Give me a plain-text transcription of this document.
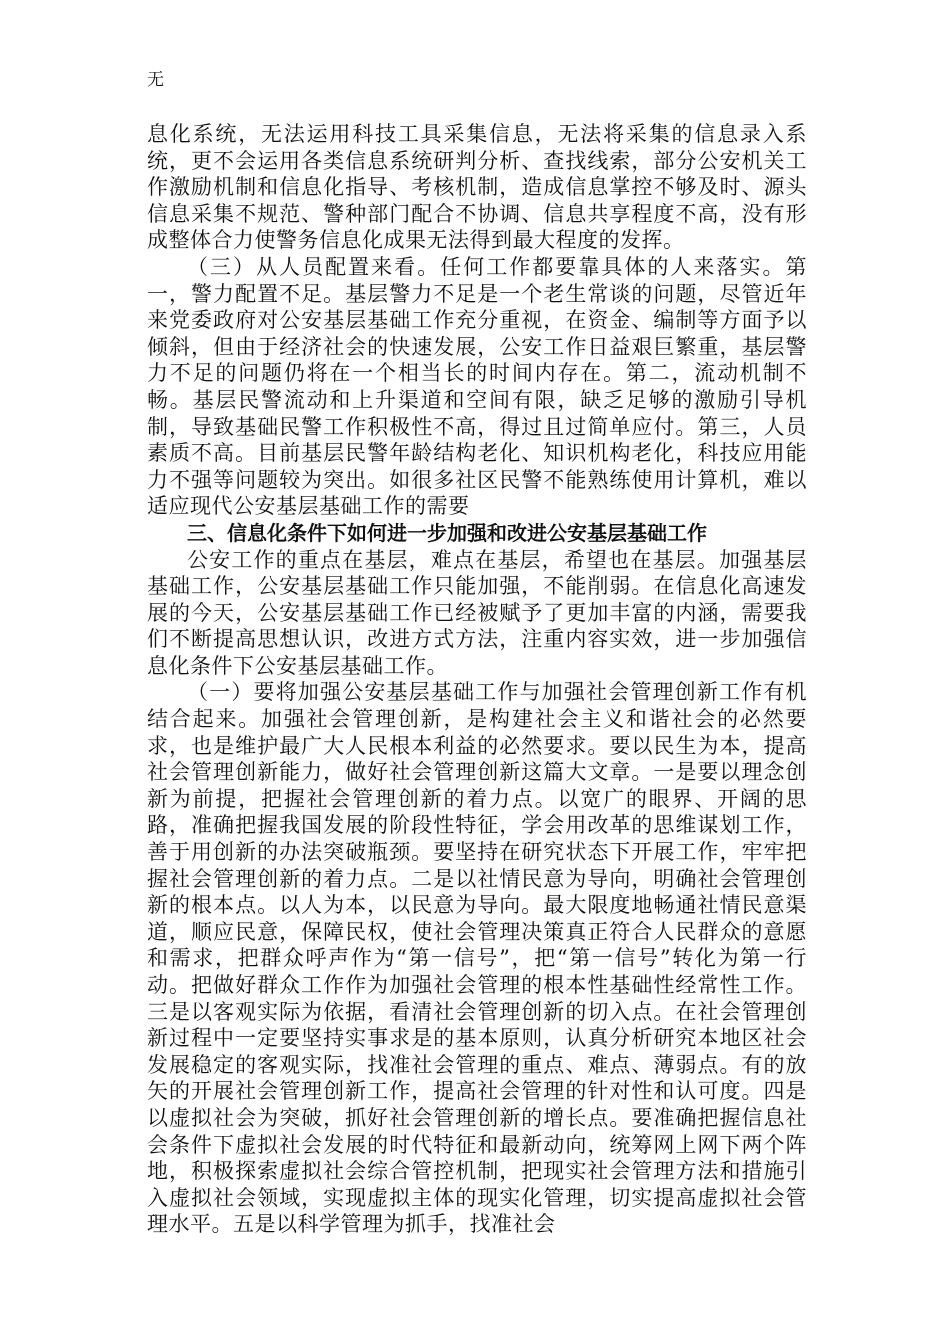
无

息化系统，无法运用科技工具采集信息，无法将采集的信息录入系统，更不会运用各类信息系统研判分析、查找线索，部分公安机关工作激励机制和信息化指导、考核机制，造成信息掌控不够及时、源头信息采集不规范、警种部门配合不协调、信息共享程度不高，没有形成整体合力使警务信息化成果无法得到最大程度的发挥。

（三）从人员配置来看。任何工作都要靠具体的人来落实。第一，警力配置不足。基层警力不足是一个老生常谈的问题，尽管近年来党委政府对公安基层基础工作充分重视，在资金、编制等方面予以倾斜，但由于经济社会的快速发展，公安工作日益艰巨繁重，基层警力不足的问题仍将在一个相当长的时间内存在。第二，流动机制不畅。基层民警流动和上升渠道和空间有限，缺乏足够的激励引导机制，导致基础民警工作积极性不高，得过且过简单应付。第三，人员素质不高。目前基层民警年龄结构老化、知识机构老化，科技应用能力不强等问题较为突出。如很多社区民警不能熟练使用计算机，难以适应现代公安基层基础工作的需要

三、信息化条件下如何进一步加强和改进公安基层基础工作

公安工作的重点在基层，难点在基层，希望也在基层。加强基层基础工作，公安基层基础工作只能加强，不能削弱。在信息化高速发展的今天，公安基层基础工作已经被赋予了更加丰富的内涵，需要我们不断提高思想认识，改进方式方法，注重内容实效，进一步加强信息化条件下公安基层基础工作。

（一）要将加强公安基层基础工作与加强社会管理创新工作有机结合起来。加强社会管理创新，是构建社会主义和谐社会的必然要求，也是维护最广大人民根本利益的必然要求。要以民生为本，提高社会管理创新能力，做好社会管理创新这篇大文章。一是要以理念创新为前提，把握社会管理创新的着力点。以宽广的眼界、开阔的思路，准确把握我国发展的阶段性特征，学会用改革的思维谋划工作，善于用创新的办法突破瓶颈。要坚持在研究状态下开展工作，牢牢把握社会管理创新的着力点。二是以社情民意为导向，明确社会管理创新的根本点。以人为本，以民意为导向。最大限度地畅通社情民意渠道，顺应民意，保障民权，使社会管理决策真正符合人民群众的意愿和需求，把群众呼声作为“第一信号”，把“第一信号”转化为第一行动。把做好群众工作作为加强社会管理的根本性基础性经常性工作。三是以客观实际为依据，看清社会管理创新的切入点。在社会管理创新过程中一定要坚持实事求是的基本原则，认真分析研究本地区社会发展稳定的客观实际，找准社会管理的重点、难点、薄弱点。有的放矢的开展社会管理创新工作，提高社会管理的针对性和认可度。四是以虚拟社会为突破，抓好社会管理创新的增长点。要准确把握信息社会条件下虚拟社会发展的时代特征和最新动向，统筹网上网下两个阵地，积极探索虚拟社会综合管控机制，把现实社会管理方法和措施引入虚拟社会领域，实现虚拟主体的现实化管理，切实提高虚拟社会管理水平。五是以科学管理为抓手，找准社会
